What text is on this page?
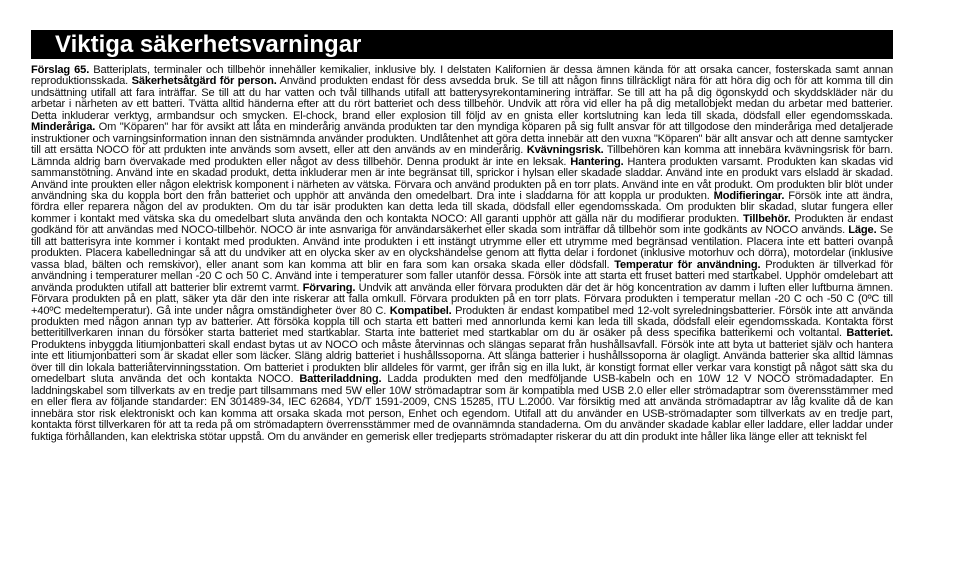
Viktiga säkerhetsvarningar
Förslag 65. Batteriplats, terminaler och tillbehör innehåller kemikalier, inklusive bly. I delstaten Kalifornien är dessa ämnen kända för att orsaka cancer, fosterskada samt annan reproduktionsskada. Säkerhetsåtgärd för person. Använd produkten endast för dess avsedda bruk. Se till att någon finns tillräckligt nära för att höra dig och för att komma till din undsättning utifall att fara inträffar. Se till att du har vatten och tvål tillhands utifall att batterysyrekontaminering inträffar. Se till att ha på dig ögonskydd och skyddskläder när du arbetar i närheten av ett batteri. Tvätta alltid händerna efter att du rört batteriet och dess tillbehör. Undvik att röra vid eller ha på dig metallobjekt medan du arbetar med batterier. Detta inkluderar verktyg, armbandsur och smycken. El-chock, brand eller explosion till följd av en gnista eller kortslutning kan leda till skada, dödsfall eller egendomsskada. Minderåriga. Om "Köparen" har för avsikt att låta en minderårig använda produkten tar den myndiga köparen på sig fullt ansvar för att tillgodose den minderåriga med detaljerade instruktioner och varningsinformation innan den sistnämnda använder produkten. Undlåtenhet att göra detta innebär att den vuxna "Köparen" bär allt ansvar och att denne samtycker till att ersätta NOCO för att prdukten inte används som avsett, eller att den används av en minderårig. Kvävningsrisk. Tillbehören kan komma att innebära kvävningsrisk för barn. Lämnda aldrig barn övervakade med produkten eller något av dess tillbehör. Denna produkt är inte en leksak. Hantering. Hantera produkten varsamt. Produkten kan skadas vid sammanstötning. Använd inte en skadad produkt, detta inkluderar men är inte begränsat till, sprickor i hylsan eller skadade sladdar. Använd inte en produkt vars elsladd är skadad. Använd inte proukten eller någon elektrisk komponent i närheten av vätska. Förvara och använd produkten på en torr plats. Använd inte en våt produkt. Om produkten blir blöt under användning ska du koppla bort den från batteriet och upphör att använda den omedelbart. Dra inte i sladdarna för att koppla ur produkten. Modifieringar. Försök inte att ändra, fördra eller reparera någon del av produkten. Om du tar isär produkten kan detta leda till skada, dödsfall eller egendomsskada. Om produkten blir skadad, slutar fungera eller kommer i kontakt med vätska ska du omedelbart sluta använda den och kontakta NOCO: All garanti upphör att gälla när du modifierar produkten. Tillbehör. Produkten är endast godkänd för att användas med NOCO-tillbehör. NOCO är inte asnvariga för användarsäkerhet eller skada som inträffar då tillbehör som inte godkänts av NOCO används. Läge. Se till att batterisyra inte kommer i kontakt med produkten. Använd inte produkten i ett instängt utrymme eller ett utrymme med begränsad ventilation. Placera inte ett batteri ovanpå produkten. Placera kabelledningar så att du undviker att en olycka sker av en olyckshändelse genom att flytta delar i fordonet (inklusive motorhuv och dörra), motordelar (inklusive vassa blad, bälten och remskivor), eller anant som kan komma att blir en fara som kan orsaka skada eller dödsfall. Temperatur för användning. Produkten är tillverkad för användning i temperaturer mellan -20 C och 50 C. Använd inte i temperaturer som faller utanför dessa. Försök inte att starta ett fruset batteri med startkabel. Upphör omdelebart att använda produkten utifall att batterier blir extremt varmt. Förvaring. Undvik att använda eller förvara produkten där det är hög koncentration av damm i luften eller luftburna ämnen. Förvara produkten på en platt, säker yta där den inte riskerar att falla omkull. Förvara produkten på en torr plats. Förvara produkten i temperatur mellan -20 C och -50 C (0ºC till +40ºC medeltemperatur). Gå inte under några omständigheter över 80 C. Kompatibel. Produkten är endast kompatibel med 12-volt syreledningsbatterier. Försök inte att använda produkten med någon annan typ av batterier. Att försöka koppla till och starta ett batteri med annorlunda kemi kan leda till skada, dödsfall eleir egendomsskada. Kontakta först betteritillverkaren innan du försöker starta batteriet med startkablar. Starta inte batteriet med startkablar om du är osäker på dess specifika batterikemi och voltantal. Batteriet. Produktens inbyggda litiumjonbatteri skall endast bytas ut av NOCO och måste återvinnas och slängas separat från hushållsavfall. Försök inte att byta ut batteriet själv och hantera inte ett litiumjonbatteri som är skadat eller som läcker. Släng aldrig batteriet i hushållssoporna. Att slänga batterier i hushållssoporna är olagligt. Använda batterier ska alltid lämnas över till din lokala batteriåtervinningsstation. Om batteriet i produkten blir alldeles för varmt, ger ifrån sig en illa lukt, är konstigt format eller verkar vara konstigt på något sätt ska du omedelbart sluta använda det och kontakta NOCO. Batteriladdning. Ladda produkten med den medföljande USB-kabeln och en 10W 12 V NOCO strömadadapter. En laddningskabel som tillverkats av en tredje part tillsammans med 5W eller 10W strömadaptrar som är kompatibla med USB 2.0 eller eller strömadaptrar som överensstämmer med en eller flera av följande standarder: EN 301489-34, IEC 62684, YD/T 1591-2009, CNS 15285, ITU L.2000. Var försiktig med att använda strömadaptrar av låg kvalite då de kan innebära stor risk elektroniskt och kan komma att orsaka skada mot person, Enhet och egendom. Utifall att du använder en USB-strömadapter som tillverkats av en tredje part, kontakta först tillverkaren för att ta reda på om strömadaptern överrensstämmer med de ovannämnda standaderna. Om du använder skadade kablar eller laddare, eller laddar under fuktiga förhållanden, kan elektriska stötar uppstå. Om du använder en gemerisk eller tredjeparts strömadapter riskerar du att din produkt inte håller lika länge eller att tekniskt fel
